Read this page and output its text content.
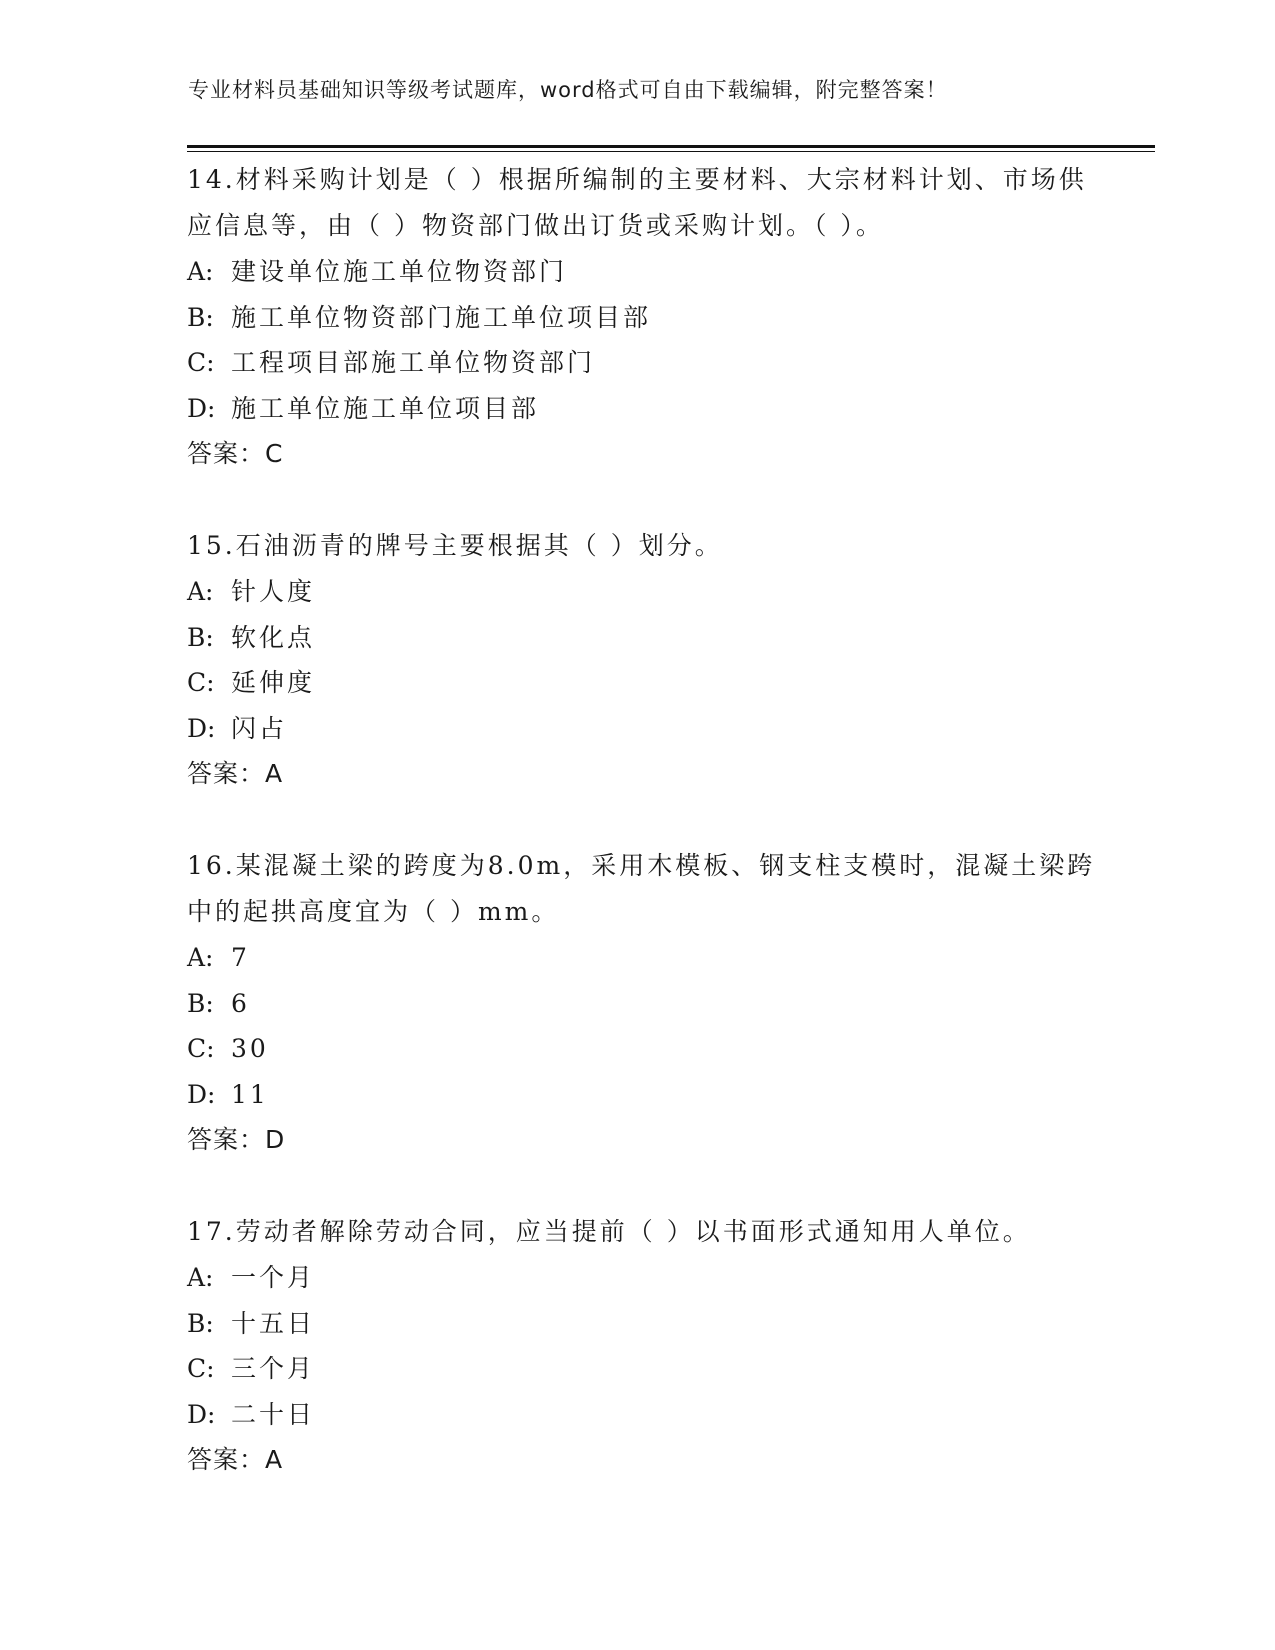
专业材料员基础知识等级考试题库，word格式可自由下载编辑，附完整答案！

14.材料采购计划是（ ）根据所编制的主要材料、大宗材料计划、市场供应信息等，由（ ）物资部门做出订货或采购计划。（ ）。

A: 建设单位施工单位物资部门
B: 施工单位物资部门施工单位项目部
C: 工程项目部施工单位物资部门
D: 施工单位施工单位项目部
答案：C

15.石油沥青的牌号主要根据其（ ）划分。

A: 针人度
B: 软化点
C: 延伸度
D: 闪占
答案：A

16.某混凝土梁的跨度为8.0m，采用木模板、钢支柱支模时，混凝土梁跨中的起拱高度宜为（ ）mm。

A: 7
B: 6
C: 30
D: 11
答案：D

17.劳动者解除劳动合同，应当提前（ ）以书面形式通知用人单位。

A: 一个月
B: 十五日
C: 三个月
D: 二十日
答案：A
